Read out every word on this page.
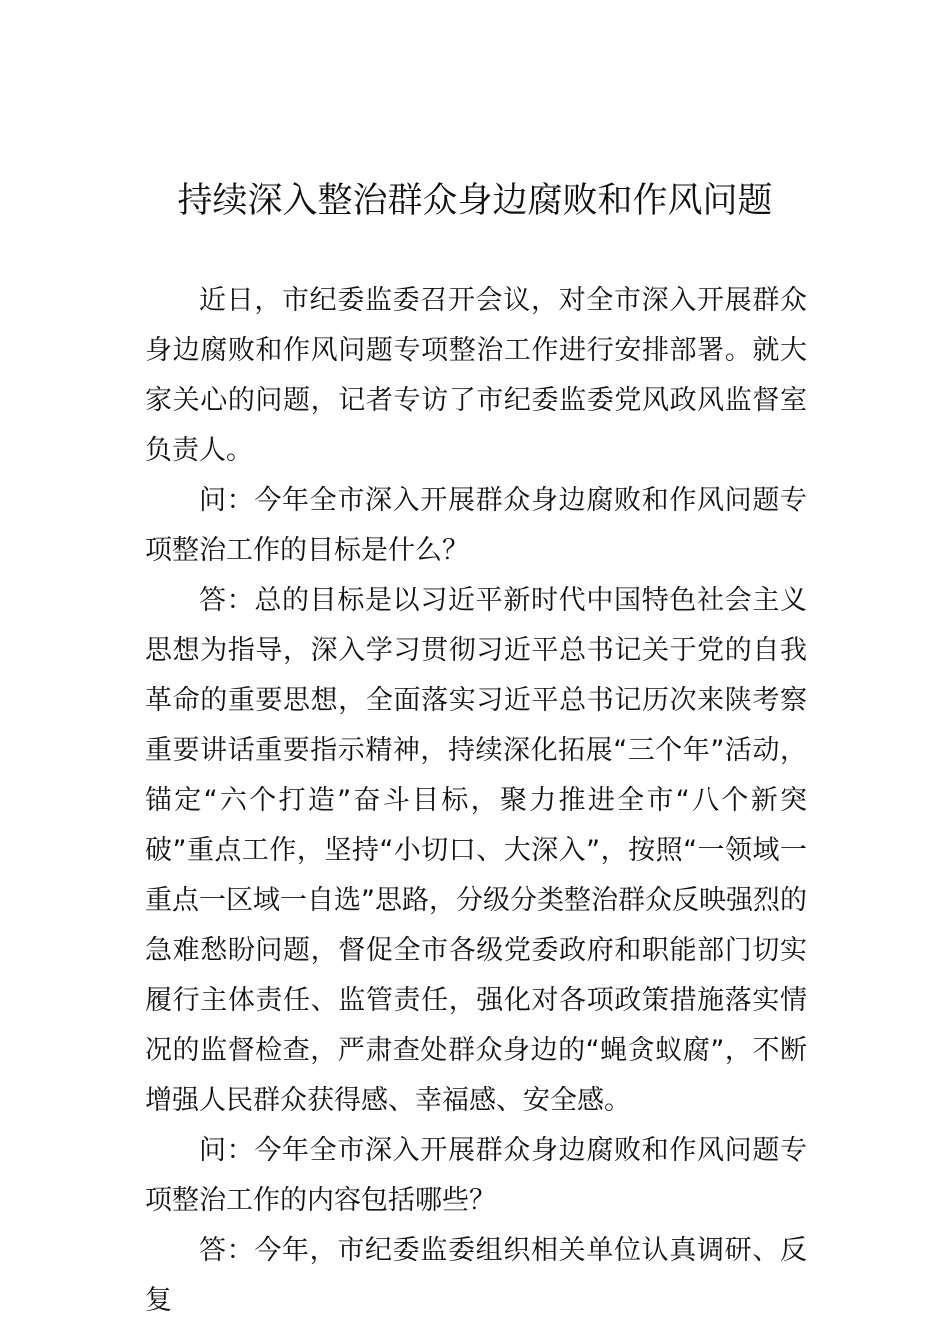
持续深入整治群众身边腐败和作风问题

近日，市纪委监委召开会议，对全市深入开展群众身边腐败和作风问题专项整治工作进行安排部署。就大家关心的问题，记者专访了市纪委监委党风政风监督室负责人。

问：今年全市深入开展群众身边腐败和作风问题专项整治工作的目标是什么？

答：总的目标是以习近平新时代中国特色社会主义思想为指导，深入学习贯彻习近平总书记关于党的自我革命的重要思想，全面落实习近平总书记历次来陕考察重要讲话重要指示精神，持续深化拓展“三个年”活动，锚定“六个打造”奋斗目标，聚力推进全市“八个新突破”重点工作，坚持“小切口、大深入”，按照“一领域一重点一区域一自选”思路，分级分类整治群众反映强烈的急难愁盼问题，督促全市各级党委政府和职能部门切实履行主体责任、监管责任，强化对各项政策措施落实情况的监督检查，严肃查处群众身边的“蝇贪蚁腐”，不断增强人民群众获得感、幸福感、安全感。

问：今年全市深入开展群众身边腐败和作风问题专项整治工作的内容包括哪些？

答：今年，市纪委监委组织相关单位认真调研、反复
